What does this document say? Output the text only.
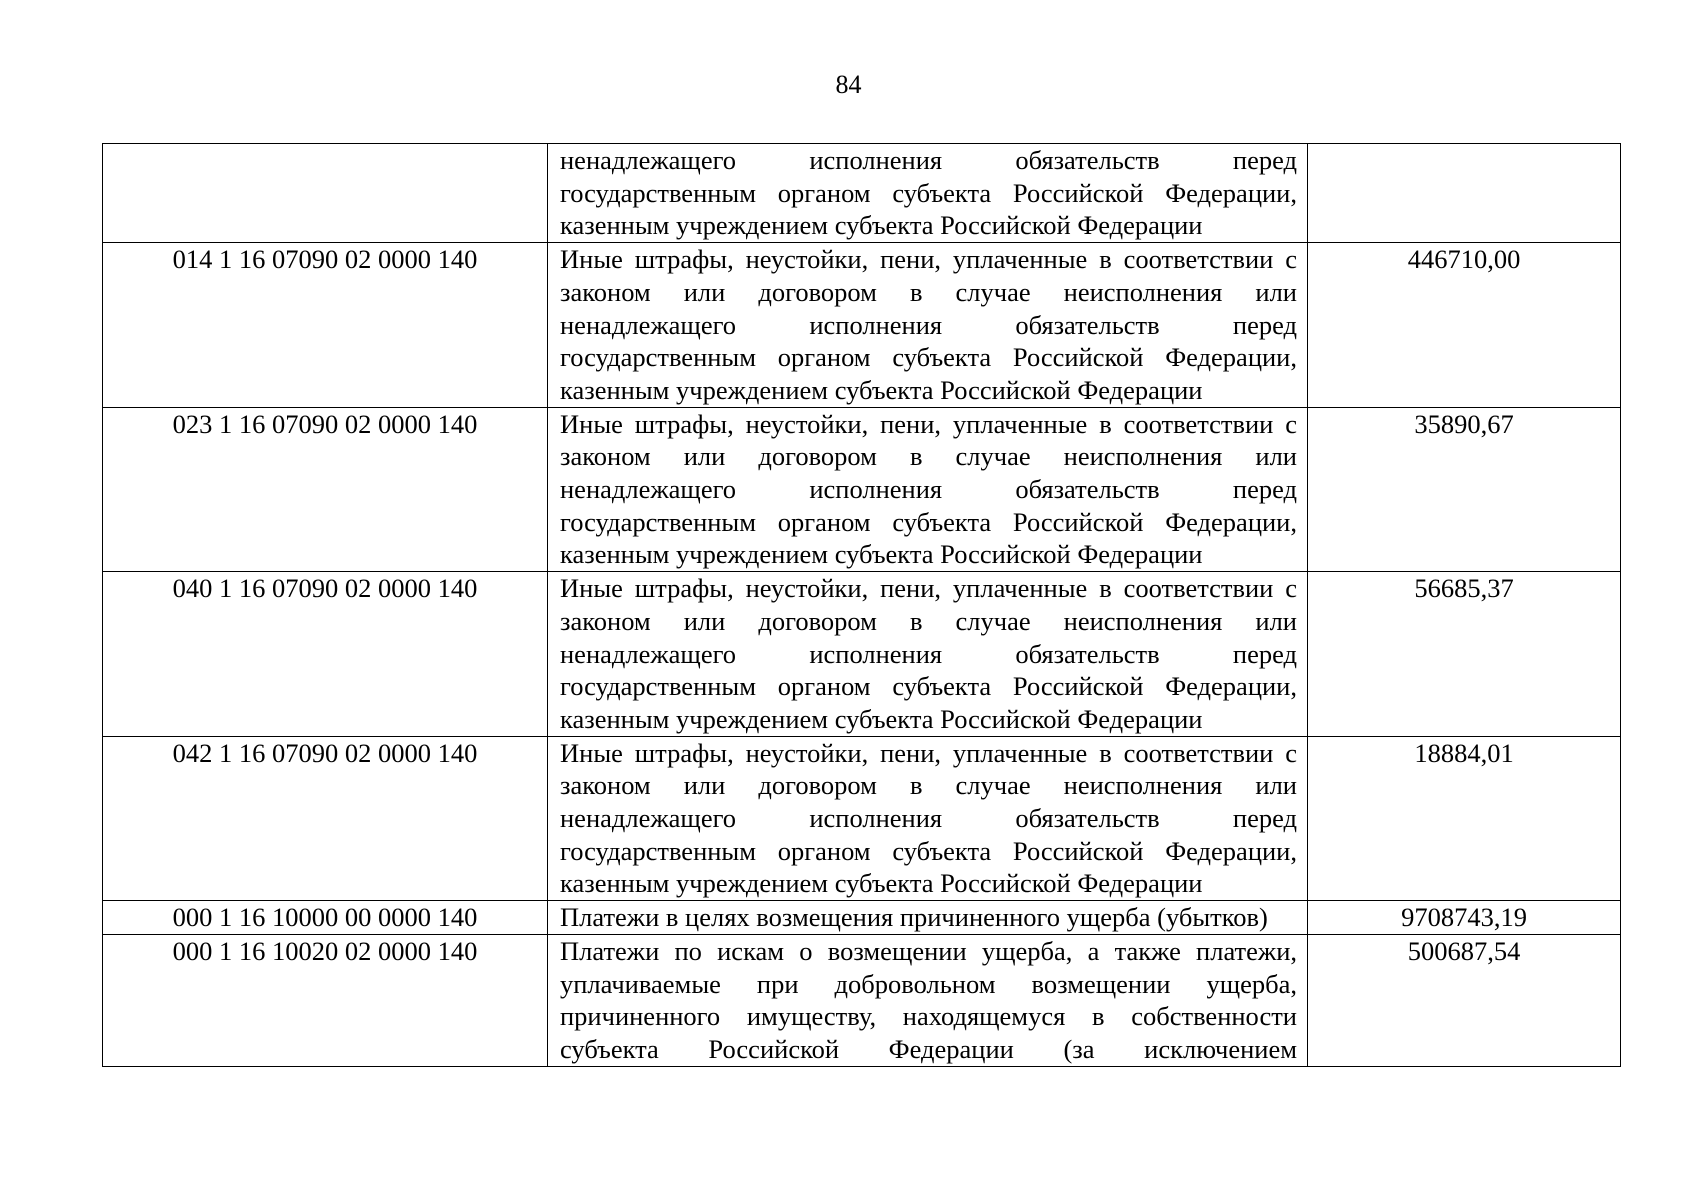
84

	ненадлежащего исполнения обязательств перед государственным органом субъекта Российской Федерации, казенным учреждением субъекта Российской Федерации	

014 1 16 07090 02 0000 140	Иные штрафы, неустойки, пени, уплаченные в соответствии с законом или договором в случае неисполнения или ненадлежащего исполнения обязательств перед государственным органом субъекта Российской Федерации, казенным учреждением субъекта Российской Федерации	446710,00
023 1 16 07090 02 0000 140	Иные штрафы, неустойки, пени, уплаченные в соответствии с законом или договором в случае неисполнения или ненадлежащего исполнения обязательств перед государственным органом субъекта Российской Федерации, казенным учреждением субъекта Российской Федерации	35890,67
040 1 16 07090 02 0000 140	Иные штрафы, неустойки, пени, уплаченные в соответствии с законом или договором в случае неисполнения или ненадлежащего исполнения обязательств перед государственным органом субъекта Российской Федерации, казенным учреждением субъекта Российской Федерации	56685,37
042 1 16 07090 02 0000 140	Иные штрафы, неустойки, пени, уплаченные в соответствии с законом или договором в случае неисполнения или ненадлежащего исполнения обязательств перед государственным органом субъекта Российской Федерации, казенным учреждением субъекта Российской Федерации	18884,01
000 1 16 10000 00 0000 140	Платежи в целях возмещения причиненного ущерба (убытков)	9708743,19
000 1 16 10020 02 0000 140	Платежи по искам о возмещении ущерба, а также платежи, уплачиваемые при добровольном возмещении ущерба, причиненного имуществу, находящемуся в собственности субъекта Российской Федерации (за исключением	500687,54
